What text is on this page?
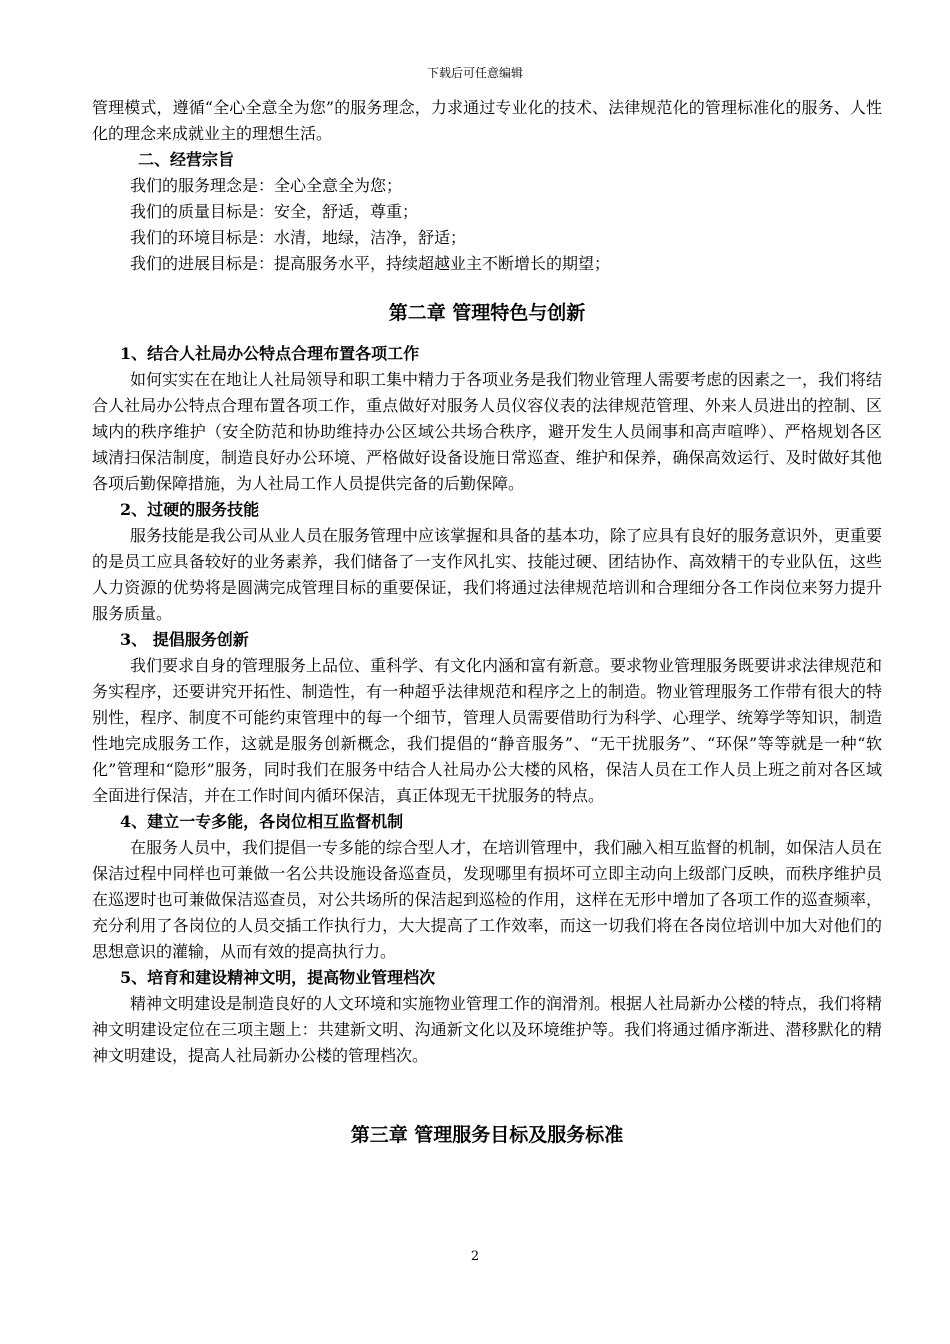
下载后可任意编辑

管理模式，遵循“全心全意全为您”的服务理念，力求通过专业化的技术、法律规范化的管理标准化的服务、人性化的理念来成就业主的理想生活。

二、经营宗旨

我们的服务理念是：全心全意全为您；

我们的质量目标是：安全，舒适，尊重；

我们的环境目标是：水清，地绿，洁净，舒适；

我们的进展目标是：提高服务水平，持续超越业主不断增长的期望；

第二章 管理特色与创新

1、结合人社局办公特点合理布置各项工作

如何实实在在地让人社局领导和职工集中精力于各项业务是我们物业管理人需要考虑的因素之一，我们将结合人社局办公特点合理布置各项工作，重点做好对服务人员仪容仪表的法律规范管理、外来人员进出的控制、区域内的秩序维护（安全防范和协助维持办公区域公共场合秩序，避开发生人员闹事和高声喧哗）、严格规划各区域清扫保洁制度，制造良好办公环境、严格做好设备设施日常巡查、维护和保养，确保高效运行、及时做好其他各项后勤保障措施，为人社局工作人员提供完备的后勤保障。

2、过硬的服务技能

服务技能是我公司从业人员在服务管理中应该掌握和具备的基本功，除了应具有良好的服务意识外，更重要的是员工应具备较好的业务素养，我们储备了一支作风扎实、技能过硬、团结协作、高效精干的专业队伍，这些人力资源的优势将是圆满完成管理目标的重要保证，我们将通过法律规范培训和合理细分各工作岗位来努力提升服务质量。

3、 提倡服务创新

我们要求自身的管理服务上品位、重科学、有文化内涵和富有新意。要求物业管理服务既要讲求法律规范和务实程序，还要讲究开拓性、制造性，有一种超乎法律规范和程序之上的制造。物业管理服务工作带有很大的特别性，程序、制度不可能约束管理中的每一个细节，管理人员需要借助行为科学、心理学、统筹学等知识，制造性地完成服务工作，这就是服务创新概念，我们提倡的“静音服务”、“无干扰服务”、“环保”等等就是一种“软化”管理和“隐形”服务，同时我们在服务中结合人社局办公大楼的风格，保洁人员在工作人员上班之前对各区域全面进行保洁，并在工作时间内循环保洁，真正体现无干扰服务的特点。

4、建立一专多能，各岗位相互监督机制

在服务人员中，我们提倡一专多能的综合型人才，在培训管理中，我们融入相互监督的机制，如保洁人员在保洁过程中同样也可兼做一名公共设施设备巡查员，发现哪里有损坏可立即主动向上级部门反映，而秩序维护员在巡逻时也可兼做保洁巡查员，对公共场所的保洁起到巡检的作用，这样在无形中增加了各项工作的巡查频率，充分利用了各岗位的人员交插工作执行力，大大提高了工作效率，而这一切我们将在各岗位培训中加大对他们的思想意识的灌输，从而有效的提高执行力。

5、培育和建设精神文明，提高物业管理档次

精神文明建设是制造良好的人文环境和实施物业管理工作的润滑剂。根据人社局新办公楼的特点，我们将精神文明建设定位在三项主题上：共建新文明、沟通新文化以及环境维护等。我们将通过循序渐进、潜移默化的精神文明建设，提高人社局新办公楼的管理档次。

第三章 管理服务目标及服务标准
2
